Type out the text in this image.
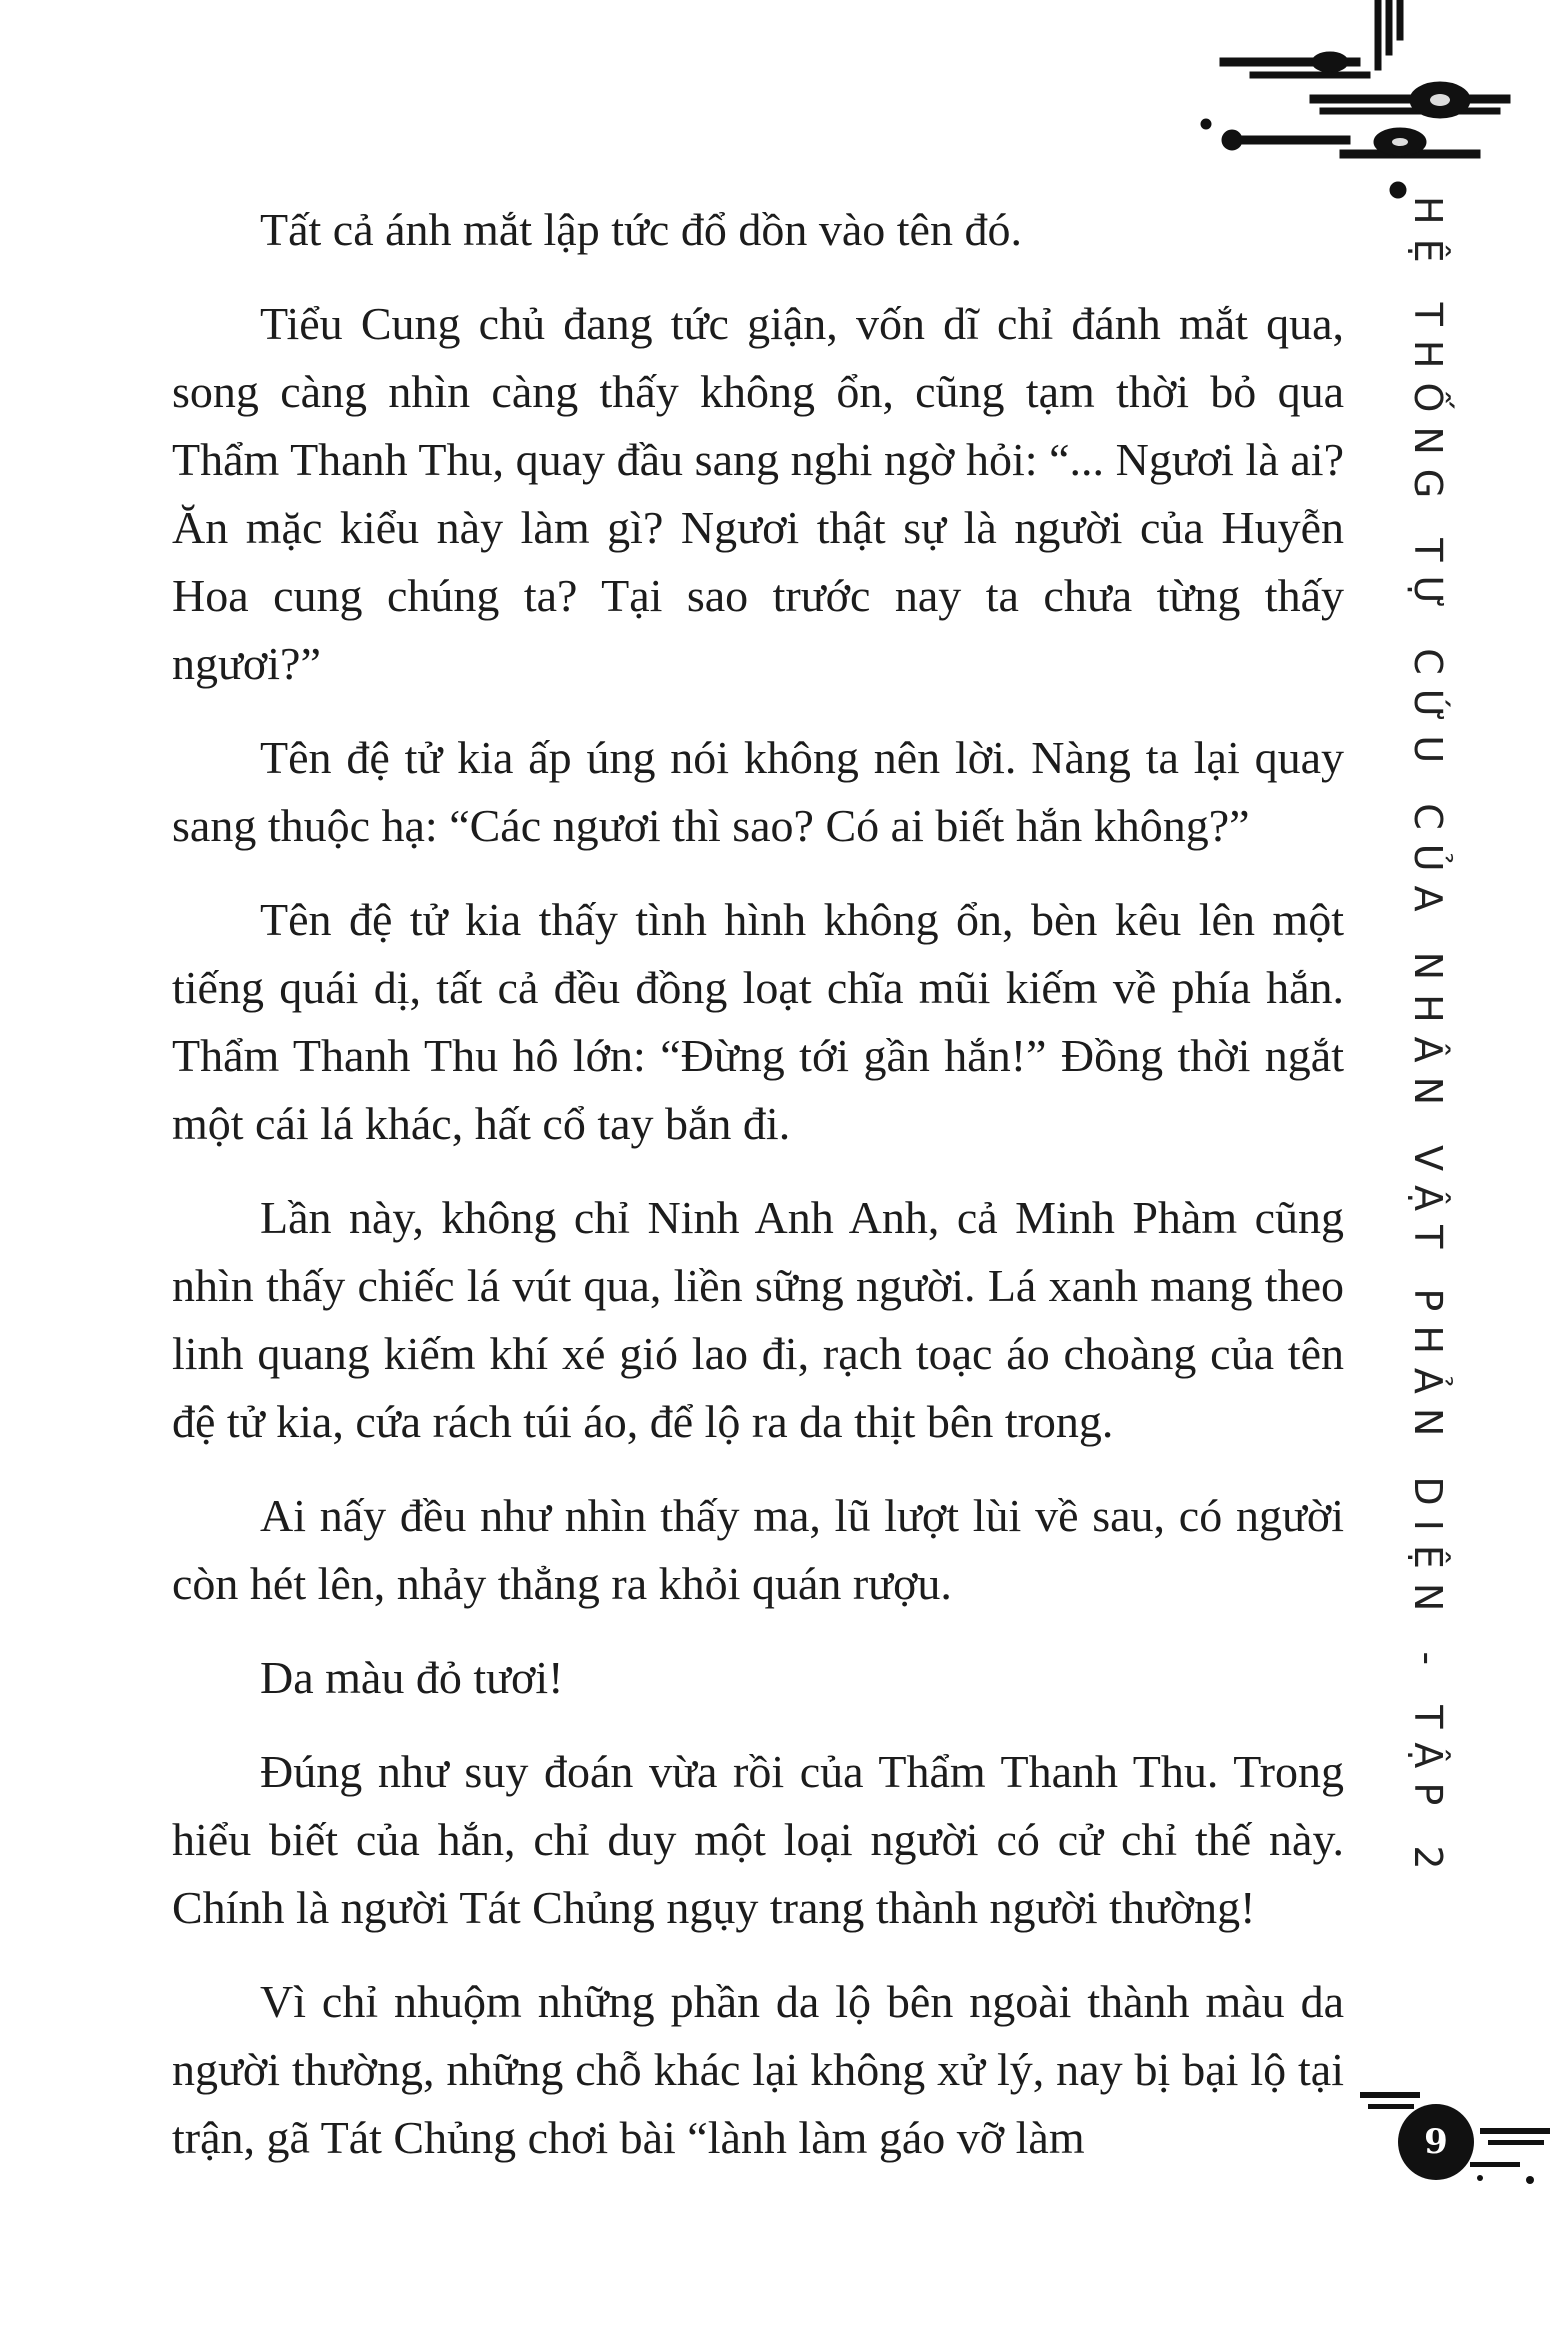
HỆ THỐNG TỰ CỨU CỦA NHÂN VẬT PHẢN DIỆN - TẬP 2

Tất cả ánh mắt lập tức đổ dồn vào tên đó.

Tiểu Cung chủ đang tức giận, vốn dĩ chỉ đánh mắt qua, song càng nhìn càng thấy không ổn, cũng tạm thời bỏ qua Thẩm Thanh Thu, quay đầu sang nghi ngờ hỏi: “... Ngươi là ai? Ăn mặc kiểu này làm gì? Ngươi thật sự là người của Huyễn Hoa cung chúng ta? Tại sao trước nay ta chưa từng thấy ngươi?”

Tên đệ tử kia ấp úng nói không nên lời. Nàng ta lại quay sang thuộc hạ: “Các ngươi thì sao? Có ai biết hắn không?”

Tên đệ tử kia thấy tình hình không ổn, bèn kêu lên một tiếng quái dị, tất cả đều đồng loạt chĩa mũi kiếm về phía hắn. Thẩm Thanh Thu hô lớn: “Đừng tới gần hắn!” Đồng thời ngắt một cái lá khác, hất cổ tay bắn đi.

Lần này, không chỉ Ninh Anh Anh, cả Minh Phàm cũng nhìn thấy chiếc lá vút qua, liền sững người. Lá xanh mang theo linh quang kiếm khí xé gió lao đi, rạch toạc áo choàng của tên đệ tử kia, cứa rách túi áo, để lộ ra da thịt bên trong.

Ai nấy đều như nhìn thấy ma, lũ lượt lùi về sau, có người còn hét lên, nhảy thẳng ra khỏi quán rượu.

Da màu đỏ tươi!

Đúng như suy đoán vừa rồi của Thẩm Thanh Thu. Trong hiểu biết của hắn, chỉ duy một loại người có cử chỉ thế này. Chính là người Tát Chủng ngụy trang thành người thường!

Vì chỉ nhuộm những phần da lộ bên ngoài thành màu da người thường, những chỗ khác lại không xử lý, nay bị bại lộ tại trận, gã Tát Chủng chơi bài “lành làm gáo vỡ làm	9
